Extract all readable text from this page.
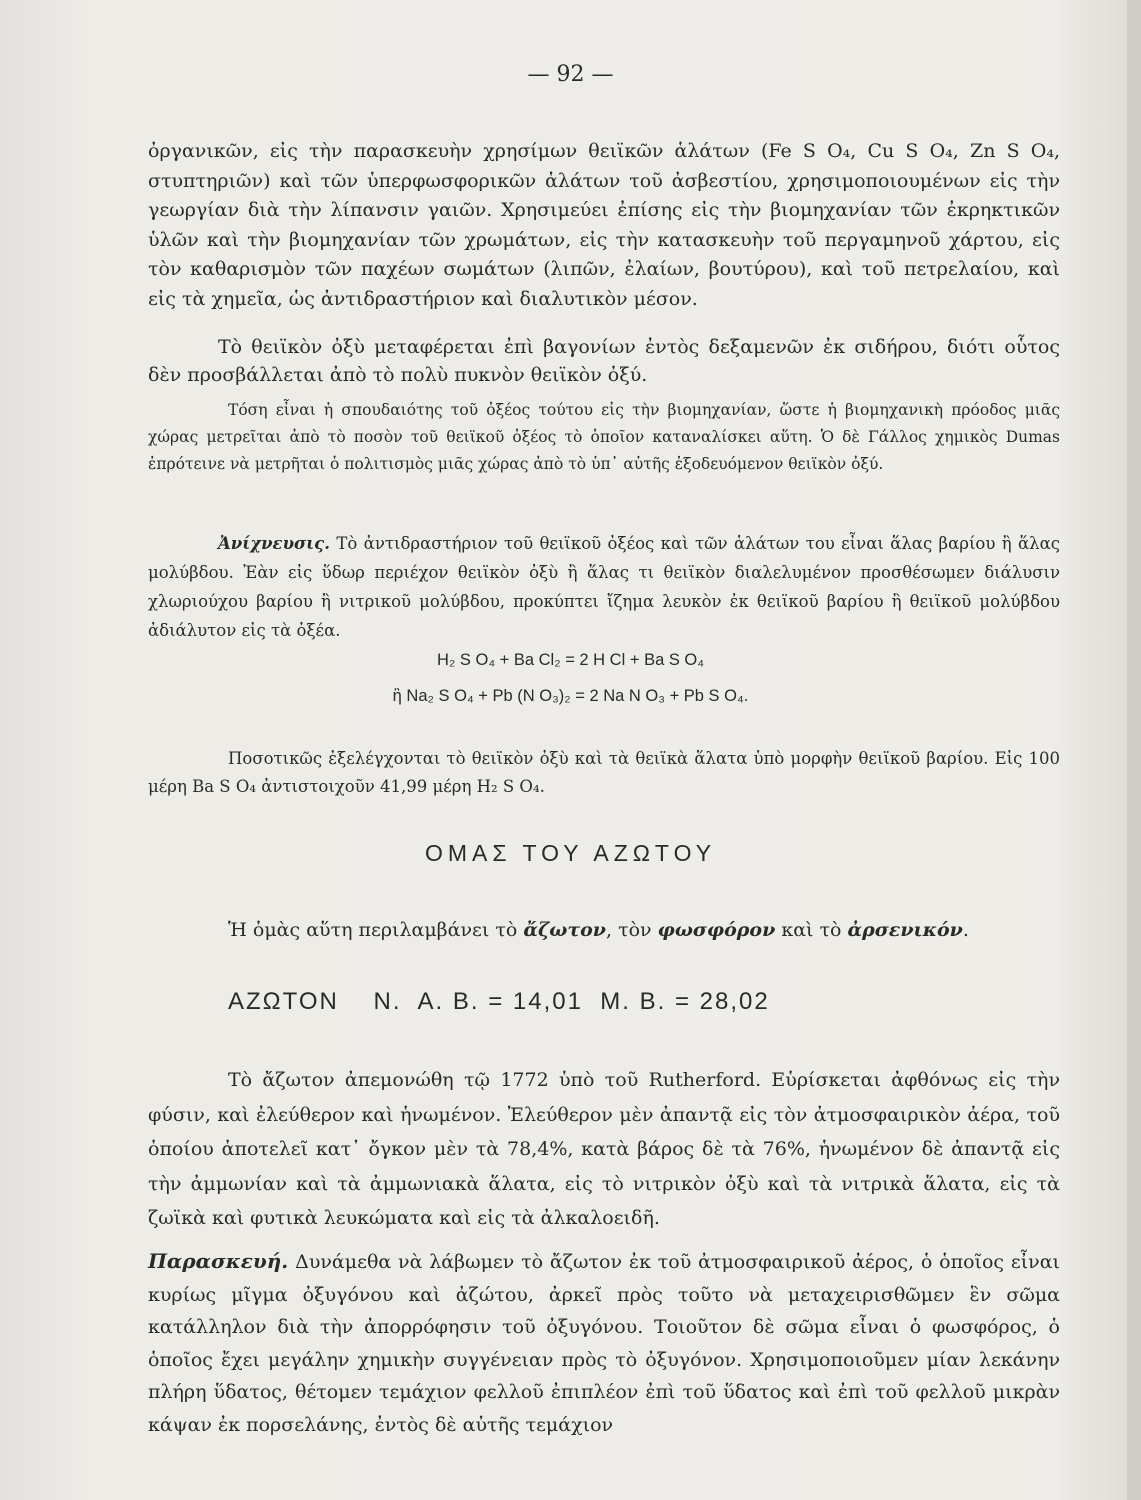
— 92 —

ὀργανικῶν, εἰς τὴν παρασκευὴν χρησίμων θειϊκῶν ἁλάτων (Fe S O₄, Cu S O₄, Zn S O₄, στυπτηριῶν) καὶ τῶν ὑπερφωσφορικῶν ἁλάτων τοῦ ἀσβεστίου, χρησιμοποιουμένων εἰς τὴν γεωργίαν διὰ τὴν λίπανσιν γαιῶν. Χρησιμεύει ἐπίσης εἰς τὴν βιομηχανίαν τῶν ἐκρηκτικῶν ὑλῶν καὶ τὴν βιομηχανίαν τῶν χρωμάτων, εἰς τὴν κατασκευὴν τοῦ περγαμηνοῦ χάρτου, εἰς τὸν καθαρισμὸν τῶν παχέων σωμάτων (λιπῶν, ἐλαίων, βουτύρου), καὶ τοῦ πετρελαίου, καὶ εἰς τὰ χημεῖα, ὡς ἀντιδραστήριον καὶ διαλυτικὸν μέσον.

Τὸ θειϊκὸν ὀξὺ μεταφέρεται ἐπὶ βαγονίων ἐντὸς δεξαμενῶν ἐκ σιδήρου, διότι οὗτος δὲν προσβάλλεται ἀπὸ τὸ πολὺ πυκνὸν θειϊκὸν ὀξύ.

Τόση εἶναι ἡ σπουδαιότης τοῦ ὀξέος τούτου εἰς τὴν βιομηχανίαν, ὥστε ἡ βιομηχανικὴ πρόοδος μιᾶς χώρας μετρεῖται ἀπὸ τὸ ποσὸν τοῦ θειϊκοῦ ὀξέος τὸ ὁποῖον καταναλίσκει αὕτη. Ὁ δὲ Γάλλος χημικὸς Dumas ἐπρότεινε νὰ μετρῆται ὁ πολιτισμὸς μιᾶς χώρας ἀπὸ τὸ ὑπ᾿ αὐτῆς ἐξοδευόμενον θειϊκὸν ὀξύ.

Ἀνίχνευσις. Τὸ ἀντιδραστήριον τοῦ θειϊκοῦ ὀξέος καὶ τῶν ἁλάτων του εἶναι ἅλας βαρίου ἢ ἅλας μολύβδου. Ἐὰν εἰς ὕδωρ περιέχον θειϊκὸν ὀξὺ ἢ ἅλας τι θειϊκὸν διαλελυμένον προσθέσωμεν διάλυσιν χλωριούχου βαρίου ἢ νιτρικοῦ μολύβδου, προκύπτει ἴζημα λευκὸν ἐκ θειϊκοῦ βαρίου ἢ θειϊκοῦ μολύβδου ἀδιάλυτον εἰς τὰ ὀξέα.

H₂ S O₄ + Ba Cl₂ = 2 H Cl + Ba S O₄
ἢ Na₂ S O₄ + Pb (N O₃)₂ = 2 Na N O₃ + Pb S O₄.

Ποσοτικῶς ἐξελέγχονται τὸ θειϊκὸν ὀξὺ καὶ τὰ θειϊκὰ ἅλατα ὑπὸ μορφὴν θειϊκοῦ βαρίου. Εἰς 100 μέρη Ba S O₄ ἀντιστοιχοῦν 41,99 μέρη H₂ S O₄.

ΟΜΑΣ ΤΟΥ ΑΖΩΤΟΥ

Ἡ ὁμὰς αὕτη περιλαμβάνει τὸ ἄζωτον, τὸν φωσφόρον καὶ τὸ ἀρσενικόν.

ΑΖΩΤΟΝ    Ν.  Α. Β. = 14,01  Μ. Β. = 28,02

Τὸ ἄζωτον ἀπεμονώθη τῷ 1772 ὑπὸ τοῦ Rutherford. Εὑρίσκεται ἀφθόνως εἰς τὴν φύσιν, καὶ ἐλεύθερον καὶ ἡνωμένον. Ἐλεύθερον μὲν ἀπαντᾷ εἰς τὸν ἀτμοσφαιρικὸν ἀέρα, τοῦ ὁποίου ἀποτελεῖ κατ᾿ ὄγκον μὲν τὰ 78,4%, κατὰ βάρος δὲ τὰ 76%, ἡνωμένον δὲ ἀπαντᾷ εἰς τὴν ἀμμωνίαν καὶ τὰ ἀμμωνιακὰ ἅλατα, εἰς τὸ νιτρικὸν ὀξὺ καὶ τὰ νιτρικὰ ἅλατα, εἰς τὰ ζωϊκὰ καὶ φυτικὰ λευκώματα καὶ εἰς τὰ ἀλκαλοειδῆ.

Παρασκευή. Δυνάμεθα νὰ λάβωμεν τὸ ἄζωτον ἐκ τοῦ ἀτμοσφαιρικοῦ ἀέρος, ὁ ὁποῖος εἶναι κυρίως μῖγμα ὀξυγόνου καὶ ἀζώτου, ἀρκεῖ πρὸς τοῦτο νὰ μεταχειρισθῶμεν ἓν σῶμα κατάλληλον διὰ τὴν ἀπορρόφησιν τοῦ ὀξυγόνου. Τοιοῦτον δὲ σῶμα εἶναι ὁ φωσφόρος, ὁ ὁποῖος ἔχει μεγάλην χημικὴν συγγένειαν πρὸς τὸ ὀξυγόνον. Χρησιμοποιοῦμεν μίαν λεκάνην πλήρη ὕδατος, θέτομεν τεμάχιον φελλοῦ ἐπιπλέον ἐπὶ τοῦ ὕδατος καὶ ἐπὶ τοῦ φελλοῦ μικρὰν κάψαν ἐκ πορσελάνης, ἐντὸς δὲ αὐτῆς τεμάχιον
